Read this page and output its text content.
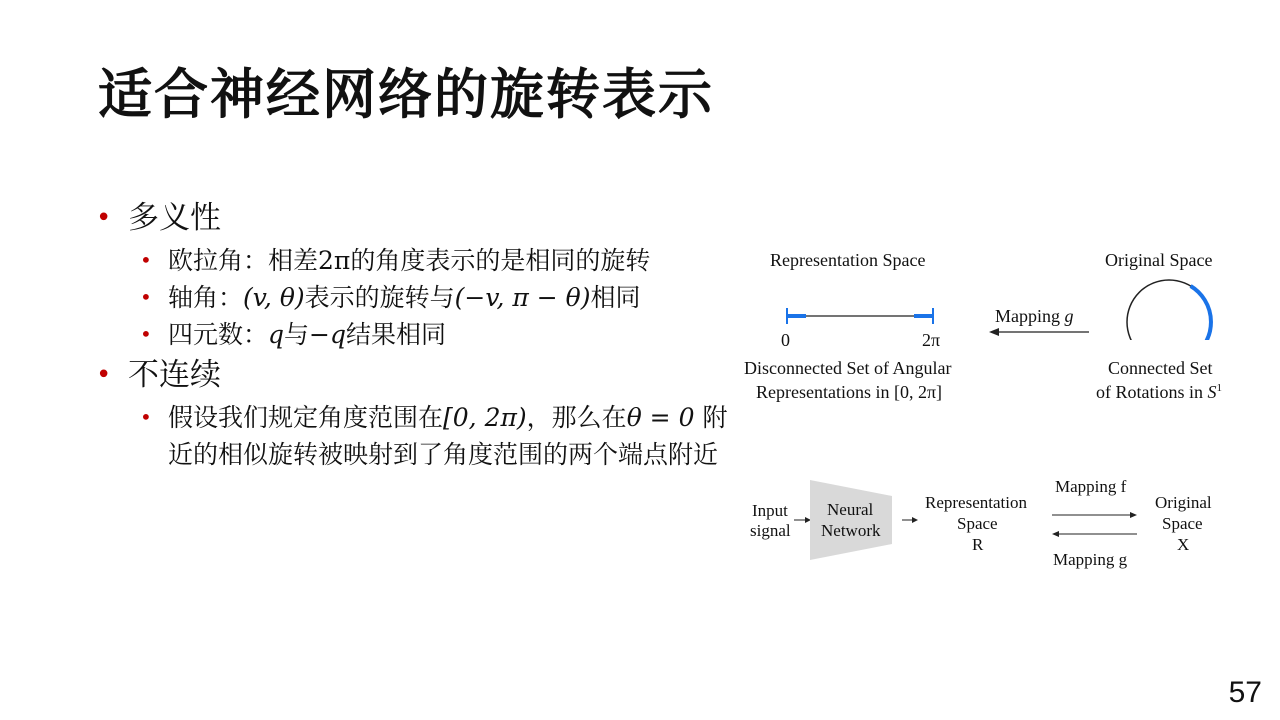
适合神经网络的旋转表示
• 多义性
• 欧拉角：相差2π的角度表示的是相同的旋转
• 轴角：(v, θ)表示的旋转与(−v, π − θ)相同
• 四元数：q与−q结果相同
• 不连续
• 假设我们规定角度范围在[0, 2π)，那么在θ = 0 附近的相似旋转被映射到了角度范围的两个端点附近
Representation Space	Original Space
0	2π
Mapping g
Disconnected Set of Angular
Representations in [0, 2π]
Connected Set
of Rotations in $S^1$
Input
signal
Neural
Network
Representation
Space
R
Mapping f
Mapping g
Original
Space
X
57
